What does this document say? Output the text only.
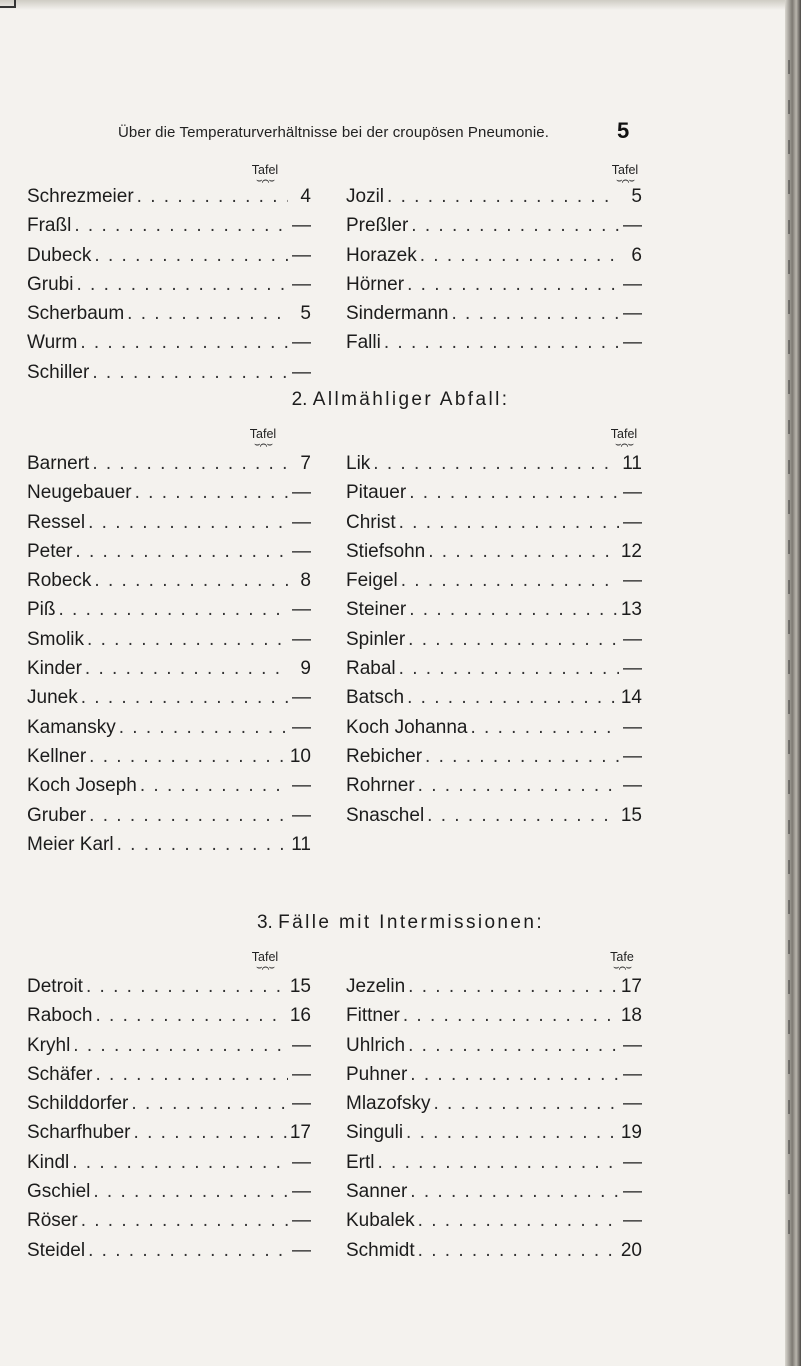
Über die Temperaturverhältnisse bei der croupösen Pneumonie.	5
Tafel
⌣⌒⌣
Tafel
⌣⌒⌣
Schrezmeier . . .	4
Fraßl . . .	—
Dubeck . . .	—
Grubi . . .	—
Scherbaum . . .	5
Wurm . . .	—
Schiller . . .	—
Jozil . . .	5
Preßler . . .	—
Horazek . . .	6
Hörner . . .	—
Sindermann . . .	—
Falli . . .	—
2. Allmähliger Abfall:
Tafel
⌣⌒⌣
Tafel
⌣⌒⌣
Barnert . . .	7
Neugebauer . . .	—
Ressel . . .	—
Peter . . .	—
Robeck . . .	8
Piß . . .	—
Smolik . . .	—
Kinder . . .	9
Junek . . .	—
Kamansky . . .	—
Kellner . . .	10
Koch Joseph . . .	—
Gruber . . .	—
Meier Karl . . .	11
Lik . . .	11
Pitauer . . .	—
Christ . . .	—
Stiefsohn . . .	12
Feigel . . .	—
Steiner . . .	13
Spinler . . .	—
Rabal . . .	—
Batsch . . .	14
Koch Johanna . . .	—
Rebicher . . .	—
Rohrner . . .	—
Snaschel . . .	15
3. Fälle mit Intermissionen:
Tafel
⌣⌒⌣
Tafe
⌣⌒⌣
Detroit . . .	15
Raboch . . .	16
Kryhl . . .	—
Schäfer . . .	—
Schilddorfer . . .	—
Scharfhuber . . .	17
Kindl . . .	—
Gschiel . . .	—
Röser . . .	—
Steidel . . .	—
Jezelin . . .	17
Fittner . . .	18
Uhlrich . . .	—
Puhner . . .	—
Mlazofsky . . .	—
Singuli . . .	19
Ertl . . .	—
Sanner . . .	—
Kubalek . . .	—
Schmidt . . .	20
